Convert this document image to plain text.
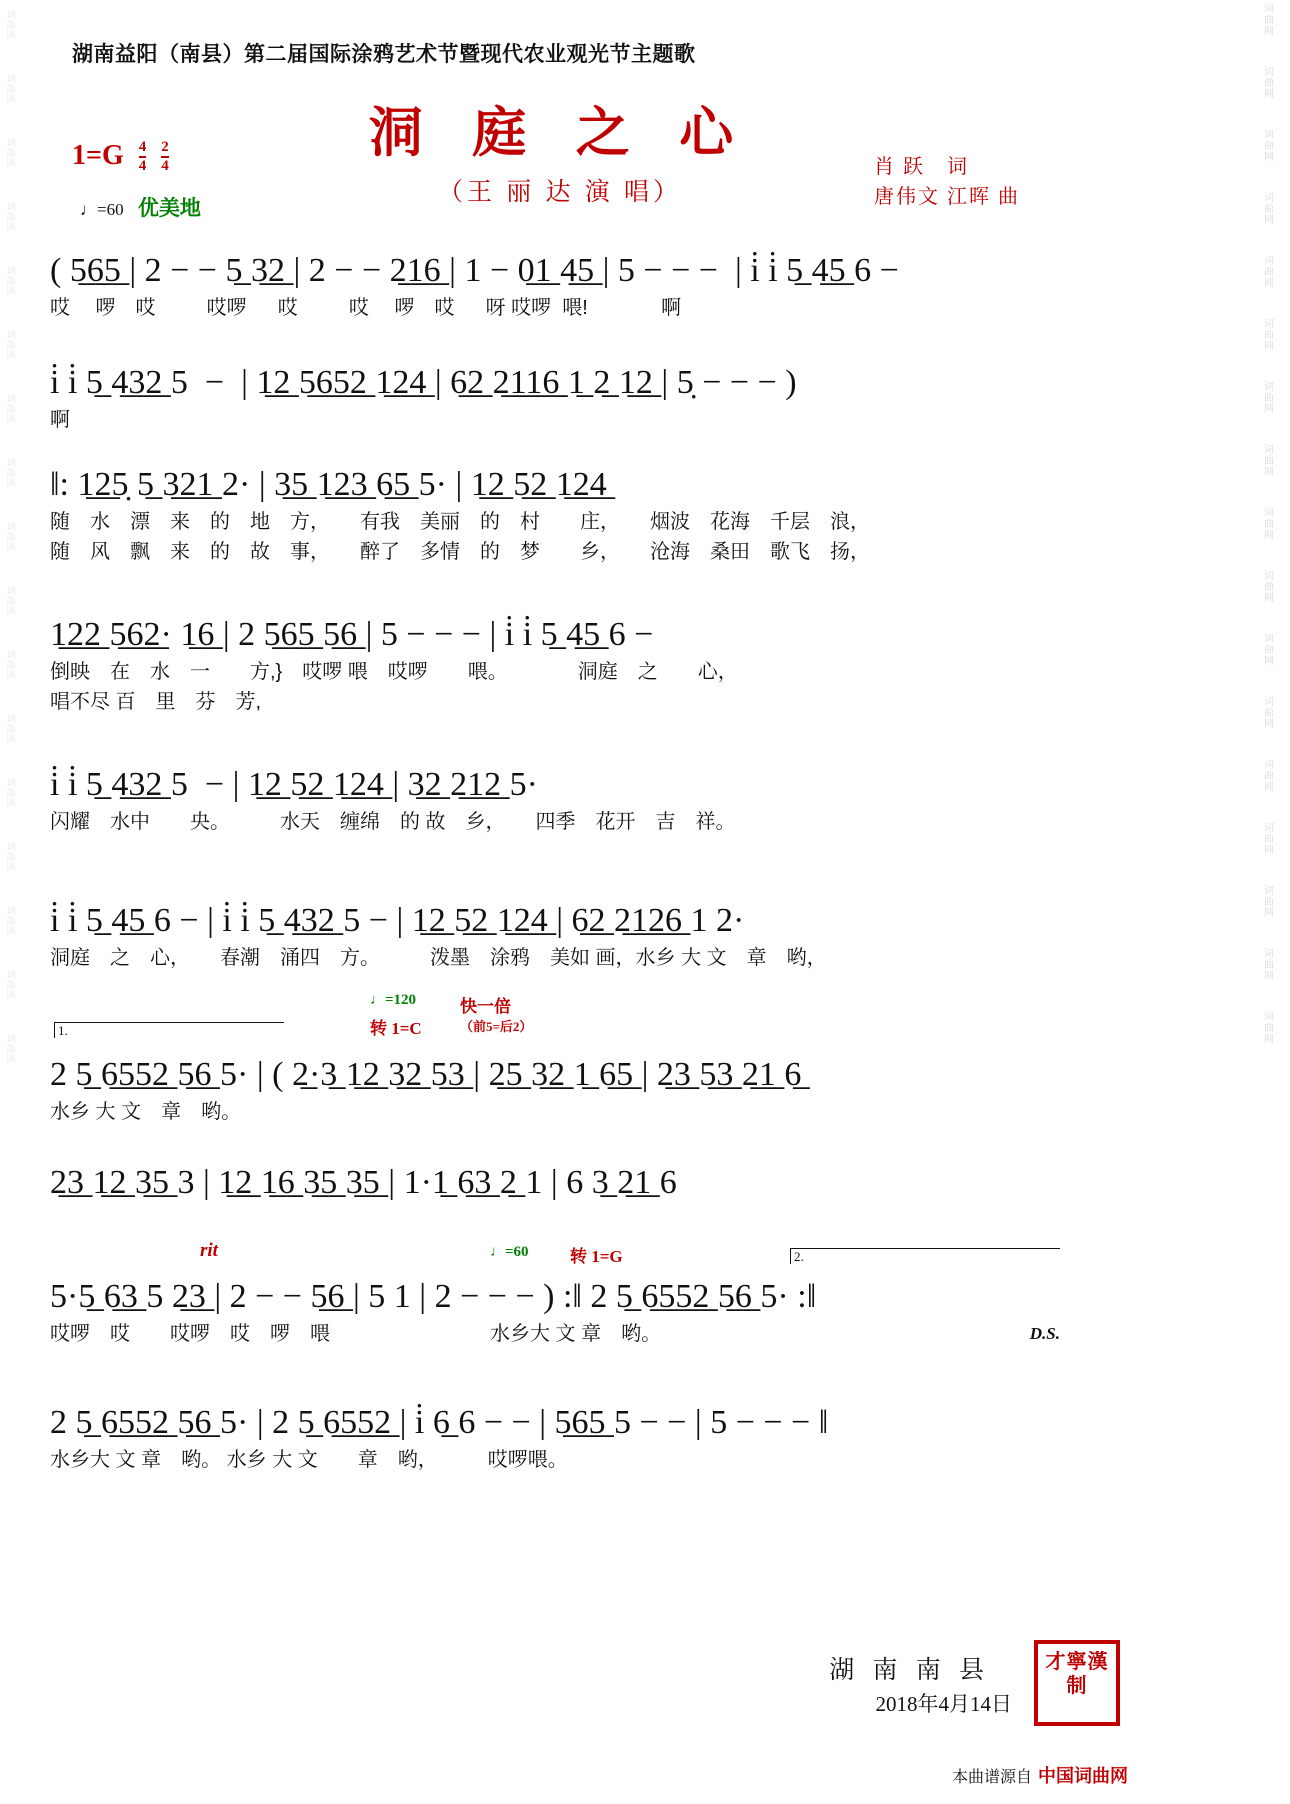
词曲网
词曲网
词曲网
词曲网
词曲网
词曲网
词曲网
词曲网
词曲网
词曲网
词曲网
词曲网
词曲网
词曲网
词曲网
词曲网
词曲网
湖南益阳（南县）第二届国际涂鸦艺术节暨现代农业观光节主题歌
洞 庭 之 心
（王 丽 达 演 唱）
$1=G \frac{4}{4} \frac{2}{4}$
♩=60 优美地
肖 跃　词
唐伟文 江晖 曲
( 5̲6̲5̲ | 2 − − 5̲ 3̲2̲ | 2 − − 2̲1̲6̲ | 1 − 0̲1̲ 4̲5̲ | 5 − − −  | i̇ i̇ 5̲ 4̲5̲ 6 −
哎　 啰　哎　　  哎啰　  哎　　  哎　 啰　哎　  呀 哎啰  喂!　　      啊
i̇ i̇ 5̲ 4̲3̲2̲ 5  −  | 1̲2̲ 5̲6̲5̲2̲ 1̲2̲4̲ | 6̲2̲ 2̲1̲1̲6̲ 1̲ 2̲ 1̲2̲ | 5̣ − − − )
啊
‖: 1̲2̲5̣ 5̲ 3̲2̲1̲ 2· | 3̲5̲ 1̲2̲3̲ 6̲5̲ 5· | 1̲2̲ 5̲2̲ 1̲2̲4̲
随　水　漂　来　的　地　方，　　有我　美丽　的　村　　庄，　　烟波　花海　千层　浪，
随　风　飘　来　的　故　事，　　醉了　多情　的　梦　　乡，　　沧海　桑田　歌飞　扬，
1̲2̲2̲ 5̲6̲2̲· 1̲6̲ | 2 5̲6̲5̲ 5̲6̲ | 5 − − − | i̇ i̇ 5̲ 4̲5̲ 6 −
倒映　在　水　一　　方,}　哎啰 喂　哎啰　　喂。　　　　洞庭　之　　心，
唱不尽 百　里　芬　芳,
i̇ i̇ 5̲ 4̲3̲2̲ 5  − | 1̲2̲ 5̲2̲ 1̲2̲4̲ | 3̲2̲ 2̲1̲2̲ 5·
闪耀　水中　　央。　　　水天　缠绵　的 故　乡，　　四季　花开　吉　祥。
i̇ i̇ 5̲ 4̲5̲ 6 − | i̇ i̇ 5̲ 4̲3̲2̲ 5 − | 1̲2̲ 5̲2̲ 1̲2̲4̲ | 6̲2̲ 2̲1̲2̲6̲ 1 2·
洞庭　之　心，　　春潮　涌四　方。　　　泼墨　涂鸦　美如 画，水乡 大 文　章　哟，
♩=120	快一倍
转 1=C	（前5=后2）
1.
2 5̲ 6̲5̲5̲2̲ 5̲6̲ 5· | ( 2̲·3̲ 1̲2̲ 3̲2̲ 5̲3̲ | 2̲5̲ 3̲2̲ 1̲ 6̲5̲ | 2̲3̲ 5̲3̲ 2̲1̲ 6̲
水乡 大 文　章　哟。
2̲3̲ 1̲2̲ 3̲5̲ 3 | 1̲2̲ 1̲6̲ 3̲5̲ 3̲5̲ | 1·1̲ 6̲3̲ 2̲ 1 | 6 3̲ 2̲1̲ 6
rit	♩=60 转 1=G	2.
5·5̲ 6̲3̲ 5 2̲3̲ | 2 − − 5̲6̲ | 5 1 | 2 − − − ) :‖ 2 5̲ 6̲5̲5̲2̲ 5̲6̲ 5· :‖
哎啰　哎　　哎啰　哎　啰　喂　　　　　　　　水乡大 文 章　哟。	D.S.
2 5̲ 6̲5̲5̲2̲ 5̲6̲ 5· | 2 5̲ 6̲5̲5̲2̲ | i̇ 6̲ 6 − − | 5̲6̲5̲ 5 − − | 5 − − − ‖
水乡大 文 章　哟。 水乡 大 文　　章　哟，　　　哎啰喂。
湖 南 南 县
2018年4月14日
才寧漢制
本曲谱源自 中国词曲网
词曲网
词曲网
词曲网
词曲网
词曲网
词曲网
词曲网
词曲网
词曲网
词曲网
词曲网
词曲网
词曲网
词曲网
词曲网
词曲网
词曲网
